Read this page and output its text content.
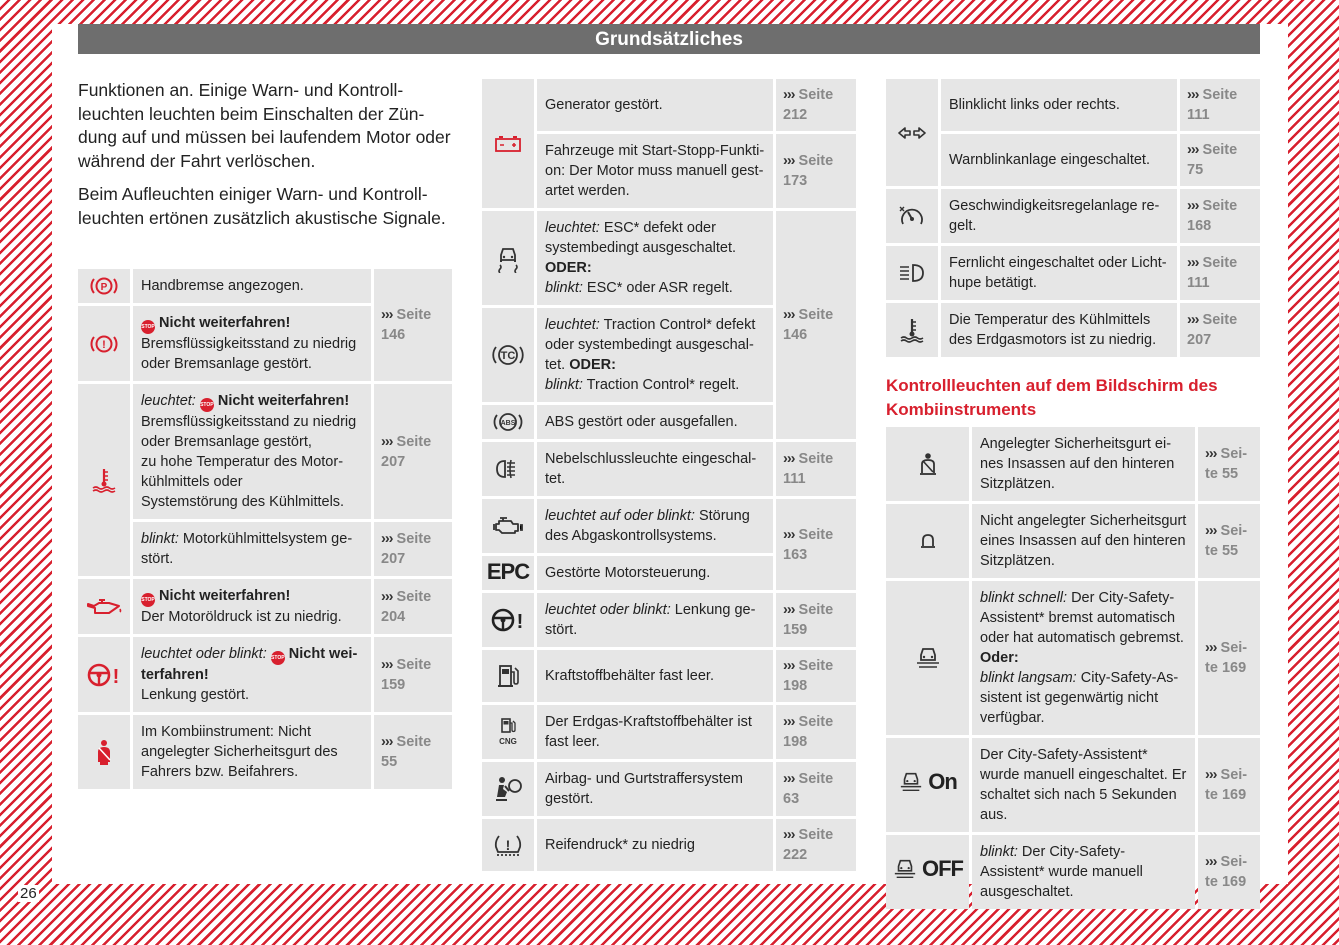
Grundsätzliches

Funktionen an. Einige Warn- und Kontrollleuchten leuchten beim Einschalten der Zündung auf und müssen bei laufendem Motor oder während der Fahrt verlöschen.

Beim Aufleuchten einiger Warn- und Kontrollleuchten ertönen zusätzlich akustische Signale.

P	Handbremse angezogen.	››› Seite 146

!	STOP Nicht weiterfahren!
Bremsflüssigkeitsstand zu niedrig oder Bremsanlage gestört.	

	leuchtet: STOP Nicht weiterfahren!
Bremsflüssigkeitsstand zu niedrig oder Bremsanlage gestört,
zu hohe Temperatur des Motorkühlmittels oder
Systemstörung des Kühlmittels.	››› Seite 207
	blinkt: Motorkühlmittelsystem gestört.	››› Seite 207

	STOP Nicht weiterfahren!
Der Motoröldruck ist zu niedrig.	››› Seite 204

!	leuchtet oder blinkt: STOP Nicht weiterfahren!
Lenkung gestört.	››› Seite 159

	Im Kombiinstrument: Nicht angelegter Sicherheitsgurt des Fahrers bzw. Beifahrers.	››› Seite 55
	Generator gestört.	››› Seite 212
	Fahrzeuge mit Start-Stopp-Funktion: Der Motor muss manuell gestartet werden.	››› Seite 173

	leuchtet: ESC* defekt oder systembedingt ausgeschaltet. ODER:
blinkt: ESC* oder ASR regelt.	››› Seite 146

TC	leuchtet: Traction Control* defekt oder systembedingt ausgeschaltet. ODER:
blinkt: Traction Control* regelt.	

ABS	ABS gestört oder ausgefallen.	

	Nebelschlussleuchte eingeschaltet.	››› Seite 111

	leuchtet auf oder blinkt: Störung des Abgaskontrollsystems.	››› Seite 163
EPC	Gestörte Motorsteuerung.	

!	leuchtet oder blinkt: Lenkung gestört.	››› Seite 159

	Kraftstoffbehälter fast leer.	››› Seite 198

CNG	Der Erdgas-Kraftstoffbehälter ist fast leer.	››› Seite 198

	Airbag- und Gurtstraffersystem gestört.	››› Seite 63

!	Reifendruck* zu niedrig	››› Seite 222
	Blinklicht links oder rechts.	››› Seite 111
	Warnblinkanlage eingeschaltet.	››› Seite 75

	Geschwindigkeitsregelanlage regelt.	››› Seite 168

	Fernlicht eingeschaltet oder Lichthupe betätigt.	››› Seite 111

	Die Temperatur des Kühlmittels des Erdgasmotors ist zu niedrig.	››› Seite 207
Kontrollleuchten auf dem Bildschirm des Kombiinstruments
	Angelegter Sicherheitsgurt eines Insassen auf den hinteren Sitzplätzen.	››› Seite 55

	Nicht angelegter Sicherheitsgurt eines Insassen auf den hinteren Sitzplätzen.	››› Seite 55

	blinkt schnell: Der City-Safety-Assistent* bremst automatisch oder hat automatisch gebremst.
Oder:
blinkt langsam: City-Safety-Assistent ist gegenwärtig nicht verfügbar.	››› Seite 169

On	Der City-Safety-Assistent* wurde manuell eingeschaltet. Er schaltet sich nach 5 Sekunden aus.	››› Seite 169

OFF	blinkt: Der City-Safety-Assistent* wurde manuell ausgeschaltet.	››› Seite 169
26
